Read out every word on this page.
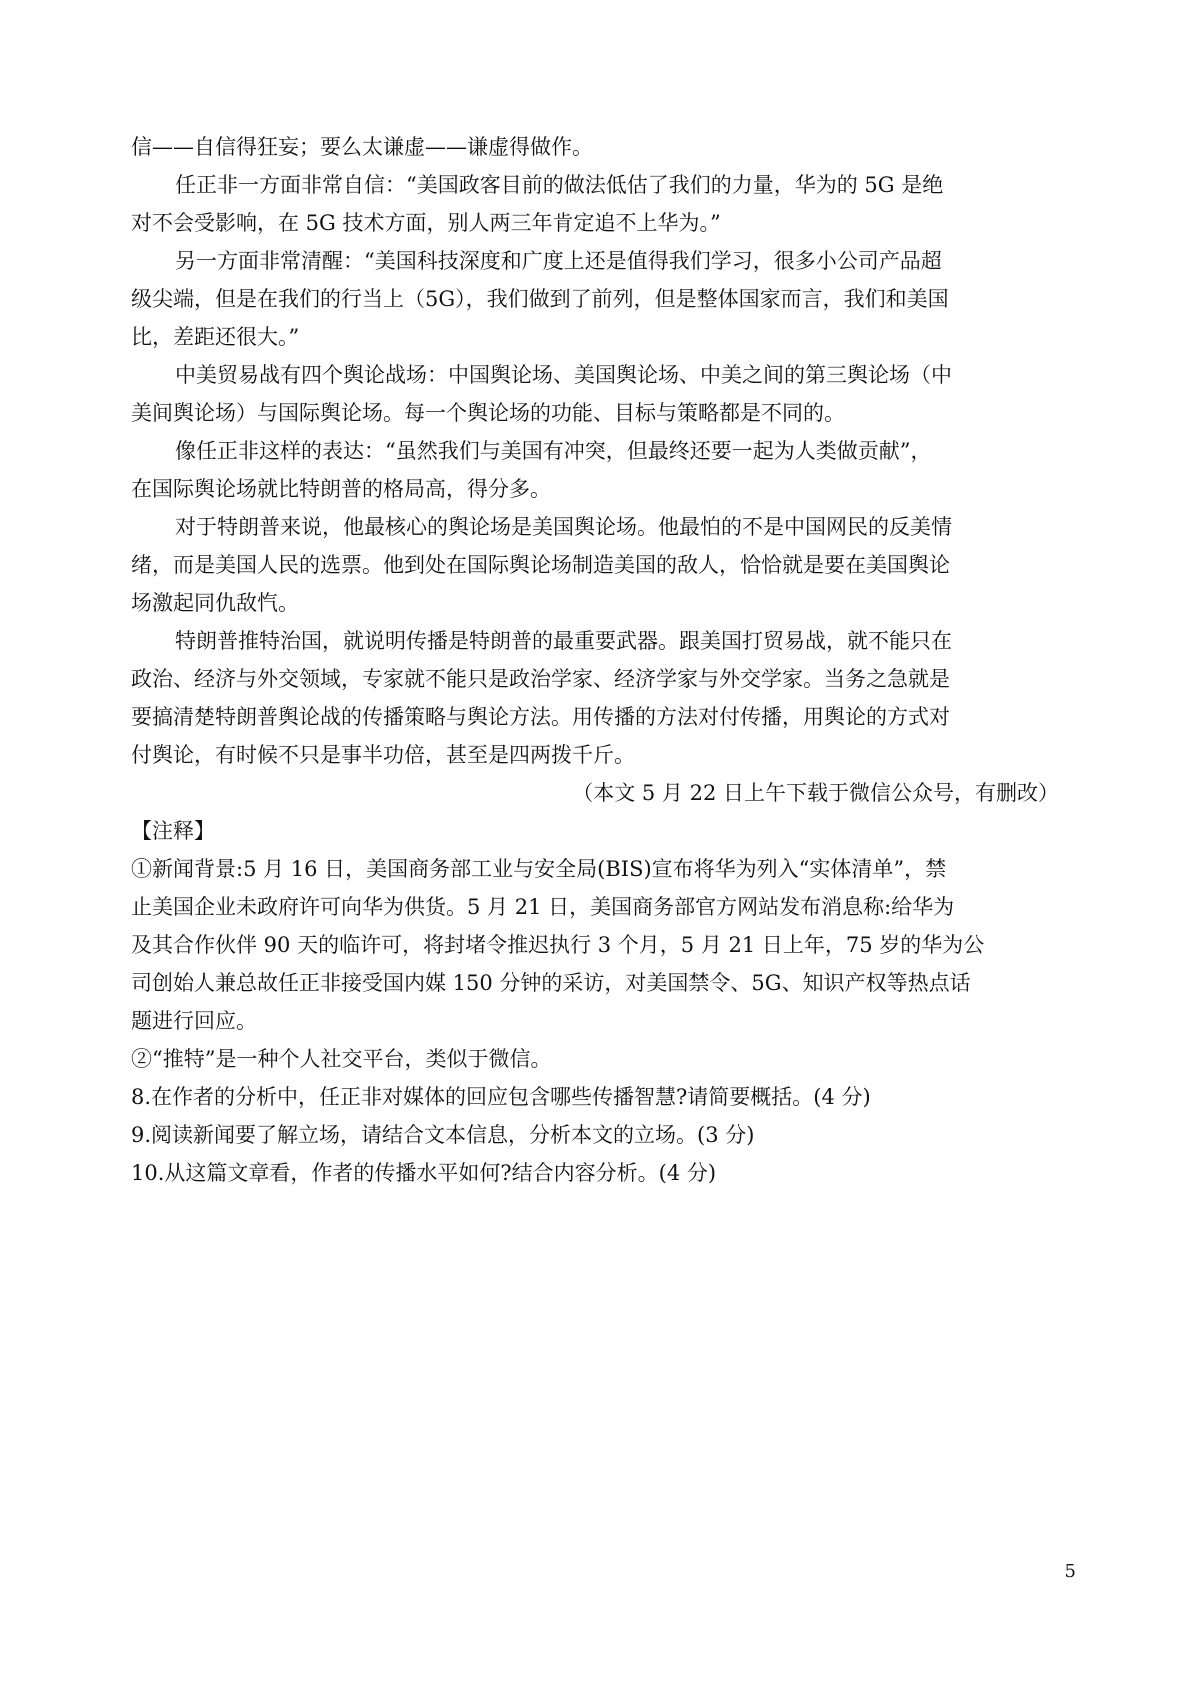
信——自信得狂妄；要么太谦虚——谦虚得做作。
任正非一方面非常自信：“美国政客目前的做法低估了我们的力量，华为的 5G 是绝
对不会受影响，在 5G 技术方面，别人两三年肯定追不上华为。”
另一方面非常清醒：“美国科技深度和广度上还是值得我们学习，很多小公司产品超
级尖端，但是在我们的行当上（5G），我们做到了前列，但是整体国家而言，我们和美国
比，差距还很大。”
中美贸易战有四个舆论战场：中国舆论场、美国舆论场、中美之间的第三舆论场（中
美间舆论场）与国际舆论场。每一个舆论场的功能、目标与策略都是不同的。
像任正非这样的表达：“虽然我们与美国有冲突，但最终还要一起为人类做贡献”，
在国际舆论场就比特朗普的格局高，得分多。
对于特朗普来说，他最核心的舆论场是美国舆论场。他最怕的不是中国网民的反美情
绪，而是美国人民的选票。他到处在国际舆论场制造美国的敌人，恰恰就是要在美国舆论
场激起同仇敌忾。
特朗普推特治国，就说明传播是特朗普的最重要武器。跟美国打贸易战，就不能只在
政治、经济与外交领域，专家就不能只是政治学家、经济学家与外交学家。当务之急就是
要搞清楚特朗普舆论战的传播策略与舆论方法。用传播的方法对付传播，用舆论的方式对
付舆论，有时候不只是事半功倍，甚至是四两拨千斤。
（本文 5 月 22 日上午下载于微信公众号，有删改）
【注释】
①新闻背景:5 月 16 日，美国商务部工业与安全局(BIS)宣布将华为列入“实体清单”，禁
止美国企业未政府许可向华为供货。5 月 21 日，美国商务部官方网站发布消息称:给华为
及其合作伙伴 90 天的临许可，将封堵令推迟执行 3 个月，5 月 21 日上年，75 岁的华为公
司创始人兼总故任正非接受国内媒 150 分钟的采访，对美国禁令、5G、知识产权等热点话
题进行回应。
②“推特”是一种个人社交平台，类似于微信。
8.在作者的分析中，任正非对媒体的回应包含哪些传播智慧?请简要概括。(4 分)
9.阅读新闻要了解立场，请结合文本信息，分析本文的立场。(3 分)
10.从这篇文章看，作者的传播水平如何?结合内容分析。(4 分)
5
